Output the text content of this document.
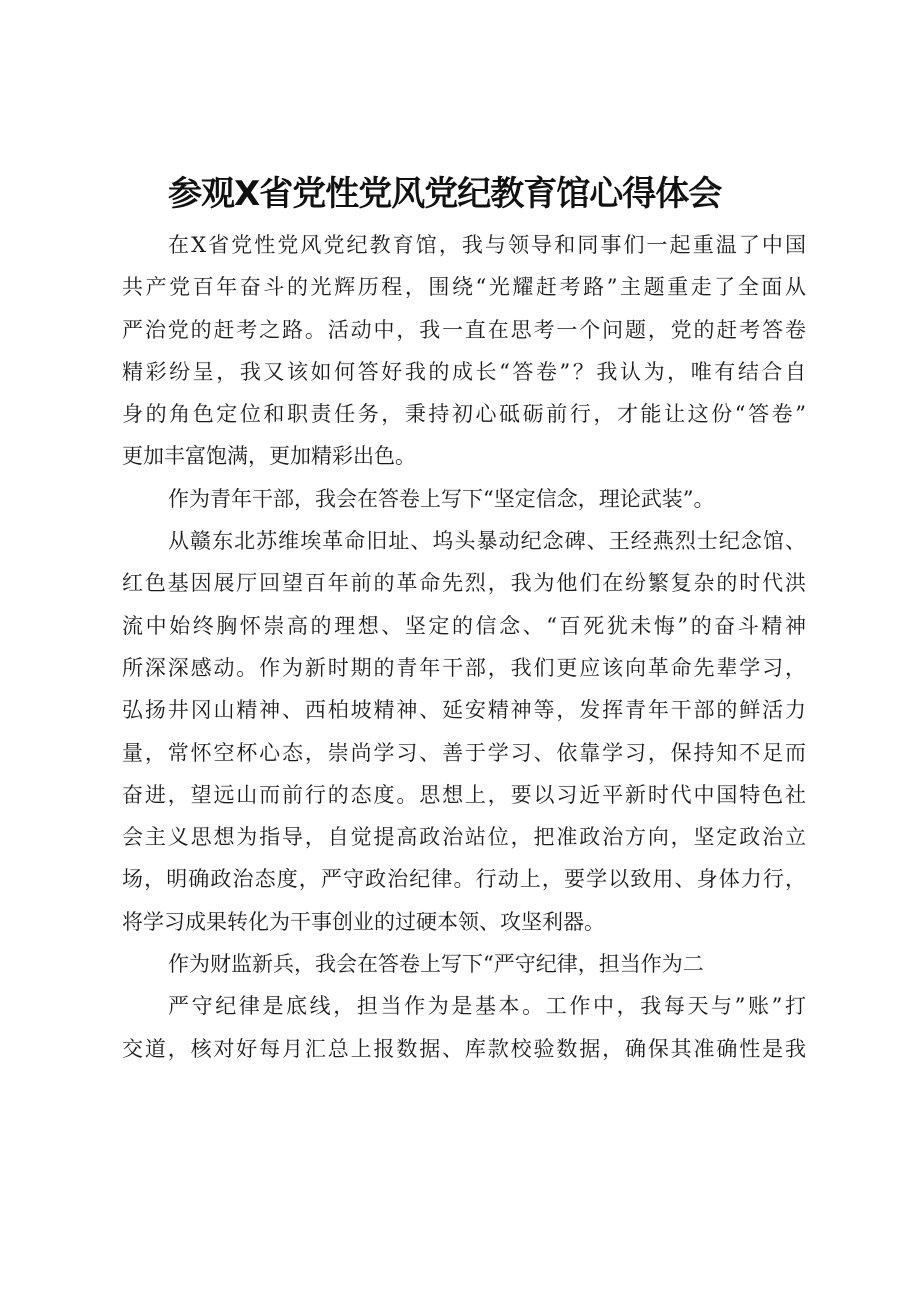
参观X省党性党风党纪教育馆心得体会
在X省党性党风党纪教育馆，我与领导和同事们一起重温了中国
共产党百年奋斗的光辉历程，围绕“光耀赶考路”主题重走了全面从
严治党的赶考之路。活动中，我一直在思考一个问题，党的赶考答卷
精彩纷呈，我又该如何答好我的成长“答卷”？我认为，唯有结合自
身的角色定位和职责任务，秉持初心砥砺前行，才能让这份“答卷”
更加丰富饱满，更加精彩出色。
作为青年干部，我会在答卷上写下“坚定信念，理论武装”。
从赣东北苏维埃革命旧址、坞头暴动纪念碑、王经燕烈士纪念馆、
红色基因展厅回望百年前的革命先烈，我为他们在纷繁复杂的时代洪
流中始终胸怀崇高的理想、坚定的信念、“百死犹未悔”的奋斗精神
所深深感动。作为新时期的青年干部，我们更应该向革命先辈学习，
弘扬井冈山精神、西柏坡精神、延安精神等，发挥青年干部的鲜活力
量，常怀空杯心态，崇尚学习、善于学习、依靠学习，保持知不足而
奋进，望远山而前行的态度。思想上，要以习近平新时代中国特色社
会主义思想为指导，自觉提高政治站位，把准政治方向，坚定政治立
场，明确政治态度，严守政治纪律。行动上，要学以致用、身体力行，
将学习成果转化为干事创业的过硬本领、攻坚利器。
作为财监新兵，我会在答卷上写下“严守纪律，担当作为二
严守纪律是底线，担当作为是基本。工作中，我每天与”账”打
交道，核对好每月汇总上报数据、库款校验数据，确保其准确性是我
